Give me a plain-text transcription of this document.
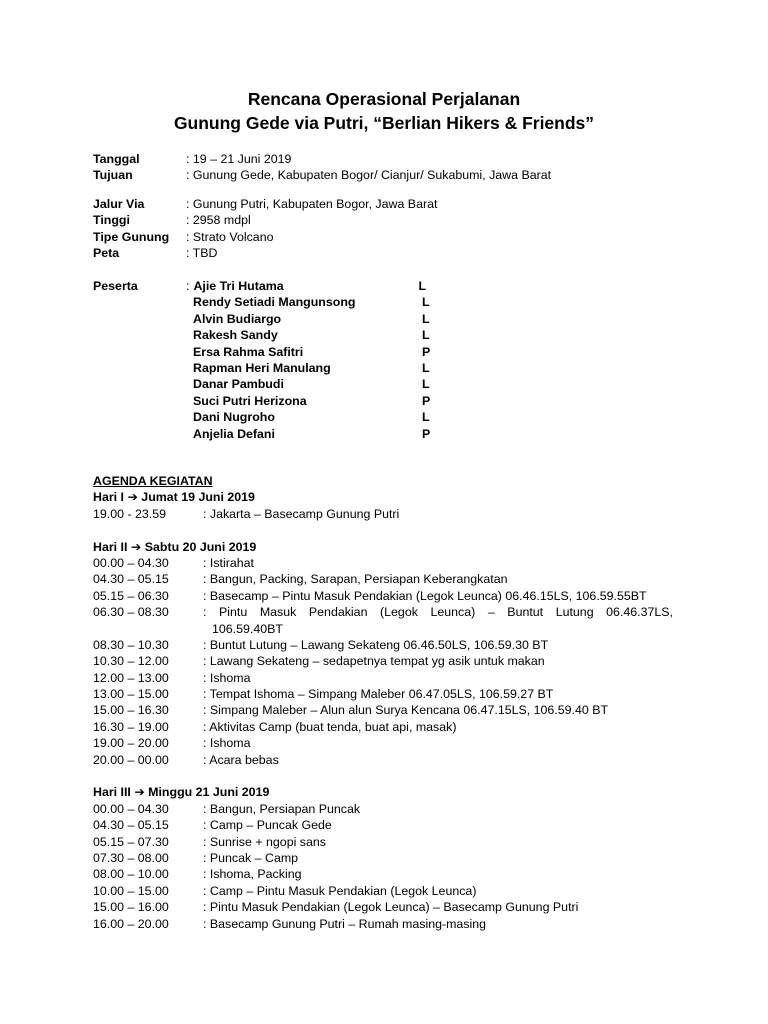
Rencana Operasional Perjalanan
Gunung Gede via Putri, “Berlian Hikers & Friends”
Tanggal	: 19 – 21 Juni 2019
Tujuan	: Gunung Gede, Kabupaten Bogor/ Cianjur/ Sukabumi, Jawa Barat
Jalur Via	: Gunung Putri, Kabupaten Bogor, Jawa Barat
Tinggi	: 2958 mdpl
Tipe Gunung	: Strato Volcano
Peta	: TBD
Peserta	: Ajie Tri Hutama	L
Rendy Setiadi Mangunsong	L
Alvin Budiargo	L
Rakesh Sandy	L
Ersa Rahma Safitri	P
Rapman Heri Manulang	L
Danar Pambudi	L
Suci Putri Herizona	P
Dani Nugroho	L
Anjelia Defani	P
AGENDA KEGIATAN
Hari I
➔
Jumat 19 Juni 2019
19.00 - 23.59	: Jakarta – Basecamp Gunung Putri
Hari II
➔
Sabtu 20 Juni 2019
00.00 – 04.30	: Istirahat
04.30 – 05.15	: Bangun, Packing, Sarapan, Persiapan Keberangkatan
05.15 – 06.30	: Basecamp – Pintu Masuk Pendakian (Legok Leunca) 06.46.15LS, 106.59.55BT
06.30 – 08.30	: Pintu Masuk Pendakian (Legok Leunca) – Buntut Lutung 06.46.37LS,
106.59.40BT
08.30 – 10.30	: Buntut Lutung – Lawang Sekateng 06.46.50LS, 106.59.30 BT
10.30 – 12.00	: Lawang Sekateng – sedapetnya tempat yg asik untuk makan
12.00 – 13.00	: Ishoma
13.00 – 15.00	: Tempat Ishoma – Simpang Maleber 06.47.05LS, 106.59.27 BT
15.00 – 16.30	: Simpang Maleber – Alun alun Surya Kencana 06.47.15LS, 106.59.40 BT
16.30 – 19.00	: Aktivitas Camp (buat tenda, buat api, masak)
19.00 – 20.00	: Ishoma
20.00 – 00.00	: Acara bebas
Hari III
➔
Minggu 21 Juni 2019
00.00 – 04.30	: Bangun, Persiapan Puncak
04.30 – 05.15	: Camp – Puncak Gede
05.15 – 07.30	: Sunrise + ngopi sans
07.30 – 08.00	: Puncak – Camp
08.00 – 10.00	: Ishoma, Packing
10.00 – 15.00	: Camp – Pintu Masuk Pendakian (Legok Leunca)
15.00 – 16.00	: Pintu Masuk Pendakian (Legok Leunca) – Basecamp Gunung Putri
16.00 – 20.00	: Basecamp Gunung Putri – Rumah masing-masing
